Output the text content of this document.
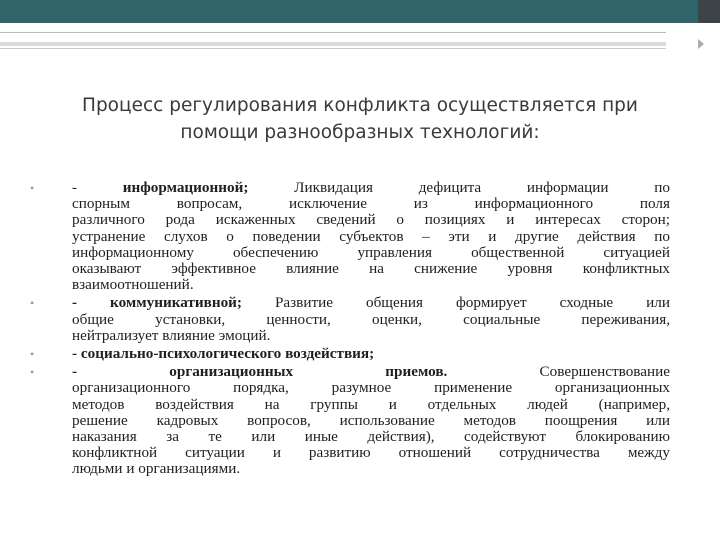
Процесс регулирования конфликта осуществляется при
помощи разнообразных технологий:
• - информационной;	Ликвидация дефицита информации по
спорным вопросам, исключение из информационного поля
различного рода искаженных сведений о позициях и интересах сторон;
устранение слухов о поведении субъектов – эти и другие действия по
информационному обеспечению управления общественной ситуацией
оказывают эффективное влияние на снижение уровня конфликтных
взаимоотношений.
• - коммуникативной; Развитие общения формирует сходные или
общие установки, ценности, оценки, социальные переживания,
нейтрализует влияние эмоций.
• - социально-психологического воздействия;
• -	организационных приемов.	Совершенствование
организационного порядка, разумное применение организационных
методов воздействия на группы и отдельных людей (например,
решение кадровых вопросов, использование методов поощрения или
наказания за те или иные действия), содействуют блокированию
конфликтной ситуации и развитию отношений сотрудничества между
людьми и организациями.
